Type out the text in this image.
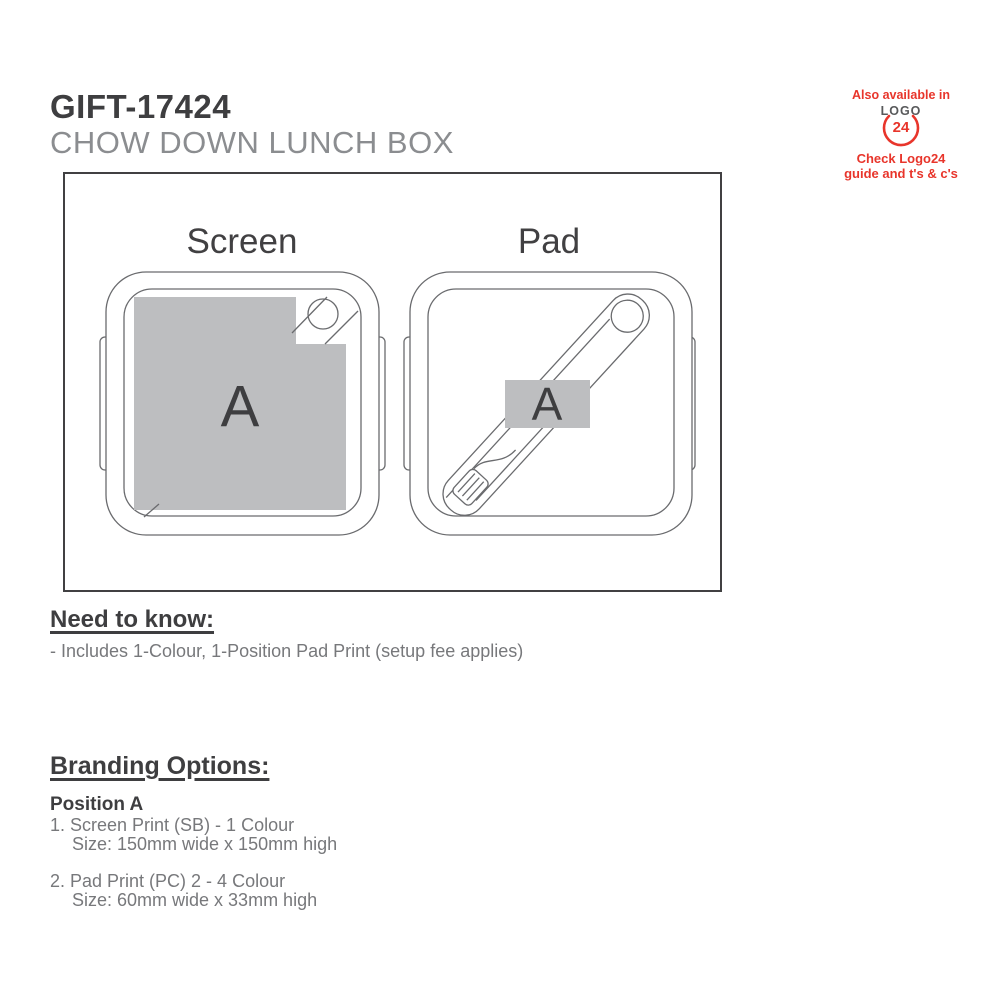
GIFT-17424
CHOW DOWN LUNCH BOX
Also available in
LOGO
24
Check Logo24
guide and t's & c's
Screen	Pad
A	A
Need to know:
- Includes 1-Colour, 1-Position Pad Print (setup fee applies)
Branding Options:
Position A
1. Screen Print (SB) - 1 Colour
Size: 150mm wide x 150mm high
2. Pad Print (PC) 2 - 4 Colour
Size: 60mm wide x 33mm high
